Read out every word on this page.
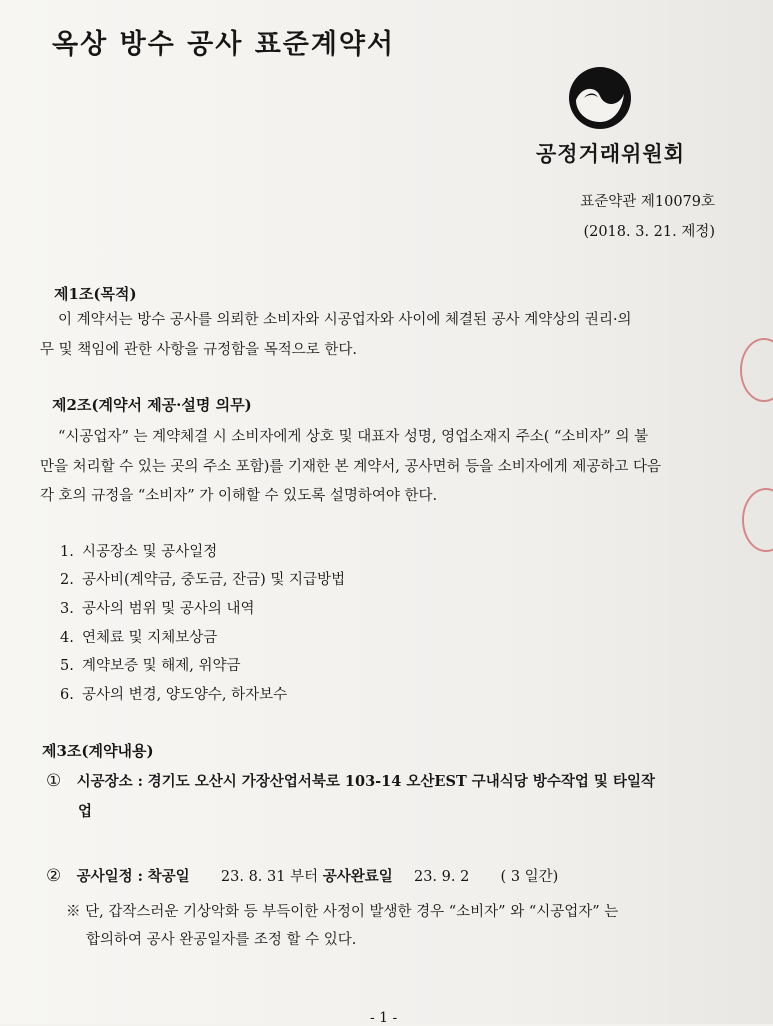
옥상 방수 공사 표준계약서
공정거래위원회
표준약관 제10079호
(2018. 3. 21. 제정)
제1조(목적)
이 계약서는 방수 공사를 의뢰한 소비자와 시공업자와 사이에 체결된 공사 계약상의 권리·의
무 및 책임에 관한 사항을 규정함을 목적으로 한다.
제2조(계약서 제공·설명 의무)
“시공업자” 는 계약체결 시 소비자에게 상호 및 대표자 성명, 영업소재지 주소( “소비자” 의 불
만을 처리할 수 있는 곳의 주소 포함)를 기재한 본 계약서, 공사면허 등을 소비자에게 제공하고 다음
각 호의 규정을 “소비자” 가 이해할 수 있도록 설명하여야 한다.
1. 시공장소 및 공사일정
2. 공사비(계약금, 중도금, 잔금) 및 지급방법
3. 공사의 범위 및 공사의 내역
4. 연체료 및 지체보상금
5. 계약보증 및 해제, 위약금
6. 공사의 변경, 양도양수, 하자보수
제3조(계약내용)
① 시공장소 : 경기도 오산시 가장산업서북로 103-14 오산EST 구내식당 방수작업 및 타일작
업
② 공사일정 : 착공일 23. 8. 31 부터 공사완료일 23. 9. 2 ( 3 일간)
※ 단, 갑작스러운 기상악화 등 부득이한 사정이 발생한 경우 “소비자” 와 “시공업자” 는
합의하여 공사 완공일자를 조정 할 수 있다.
- 1 -
